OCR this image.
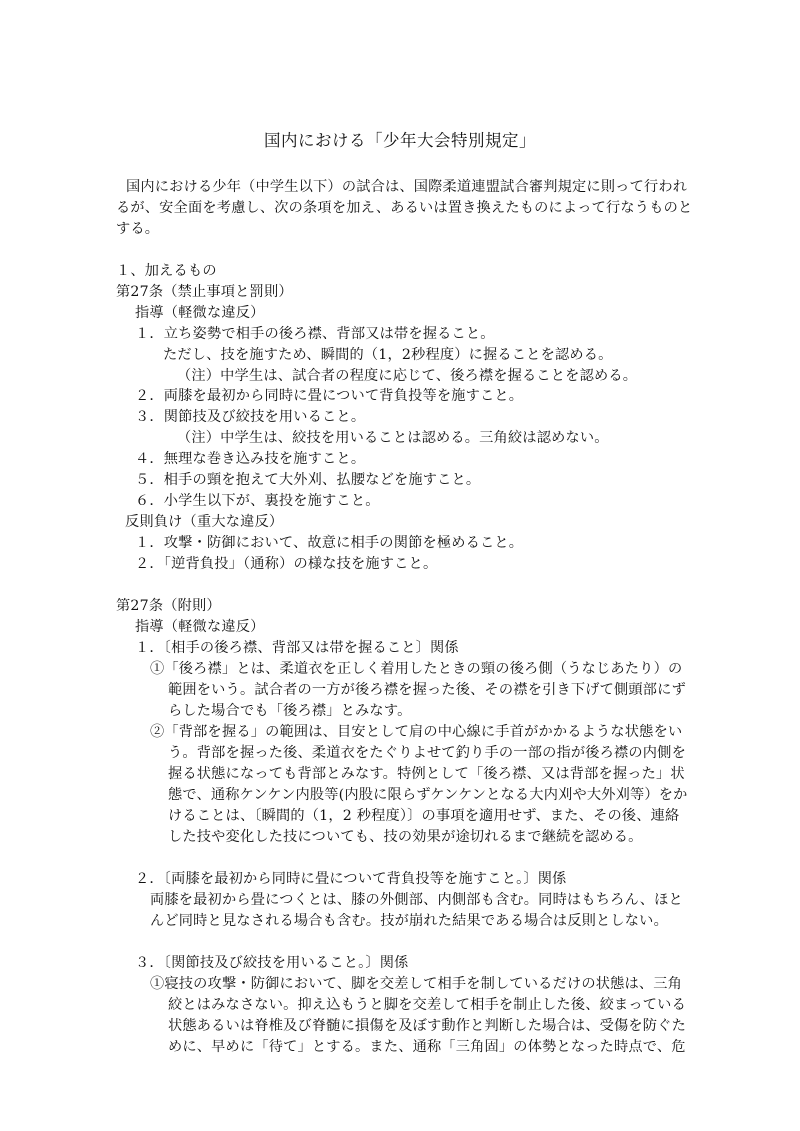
国内における「少年大会特別規定」
国内における少年（中学生以下）の試合は、国際柔道連盟試合審判規定に則って行われ
るが、安全面を考慮し、次の条項を加え、あるいは置き換えたものによって行なうものと
する。
１、加えるもの
第27条（禁止事項と罰則）
指導（軽微な違反）
１．立ち姿勢で相手の後ろ襟、背部又は帯を握ること。
ただし、技を施すため、瞬間的（1，2秒程度）に握ることを認める。
（注）中学生は、試合者の程度に応じて、後ろ襟を握ることを認める。
２．両膝を最初から同時に畳について背負投等を施すこと。
３．関節技及び絞技を用いること。
（注）中学生は、絞技を用いることは認める。三角絞は認めない。
４．無理な巻き込み技を施すこと。
５．相手の頸を抱えて大外刈、払腰などを施すこと。
６．小学生以下が、裏投を施すこと。
反則負け（重大な違反）
１．攻撃・防御において、故意に相手の関節を極めること。
２．「逆背負投」（通称）の様な技を施すこと。
第27条（附則）
指導（軽微な違反）
１．〔相手の後ろ襟、背部又は帯を握ること〕関係
①「後ろ襟」とは、柔道衣を正しく着用したときの頸の後ろ側（うなじあたり）の
範囲をいう。試合者の一方が後ろ襟を握った後、その襟を引き下げて側頭部にず
らした場合でも「後ろ襟」とみなす。
②「背部を握る」の範囲は、目安として肩の中心線に手首がかかるような状態をい
う。背部を握った後、柔道衣をたぐりよせて釣り手の一部の指が後ろ襟の内側を
握る状態になっても背部とみなす。特例として「後ろ襟、又は背部を握った」状
態で、通称ケンケン内股等(内股に限らずケンケンとなる大内刈や大外刈等）をか
けることは、〔瞬間的（1，2 秒程度）〕の事項を適用せず、また、その後、連絡
した技や変化した技についても、技の効果が途切れるまで継続を認める。
２．〔両膝を最初から同時に畳について背負投等を施すこと。〕関係
両膝を最初から畳につくとは、膝の外側部、内側部も含む。同時はもちろん、ほと
んど同時と見なされる場合も含む。技が崩れた結果である場合は反則としない。
３．〔関節技及び絞技を用いること。〕関係
①寝技の攻撃・防御において、脚を交差して相手を制しているだけの状態は、三角
絞とはみなさない。抑え込もうと脚を交差して相手を制止した後、絞まっている
状態あるいは脊椎及び脊髄に損傷を及ぼす動作と判断した場合は、受傷を防ぐた
めに、早めに「待て」とする。また、通称「三角固」の体勢となった時点で、危
